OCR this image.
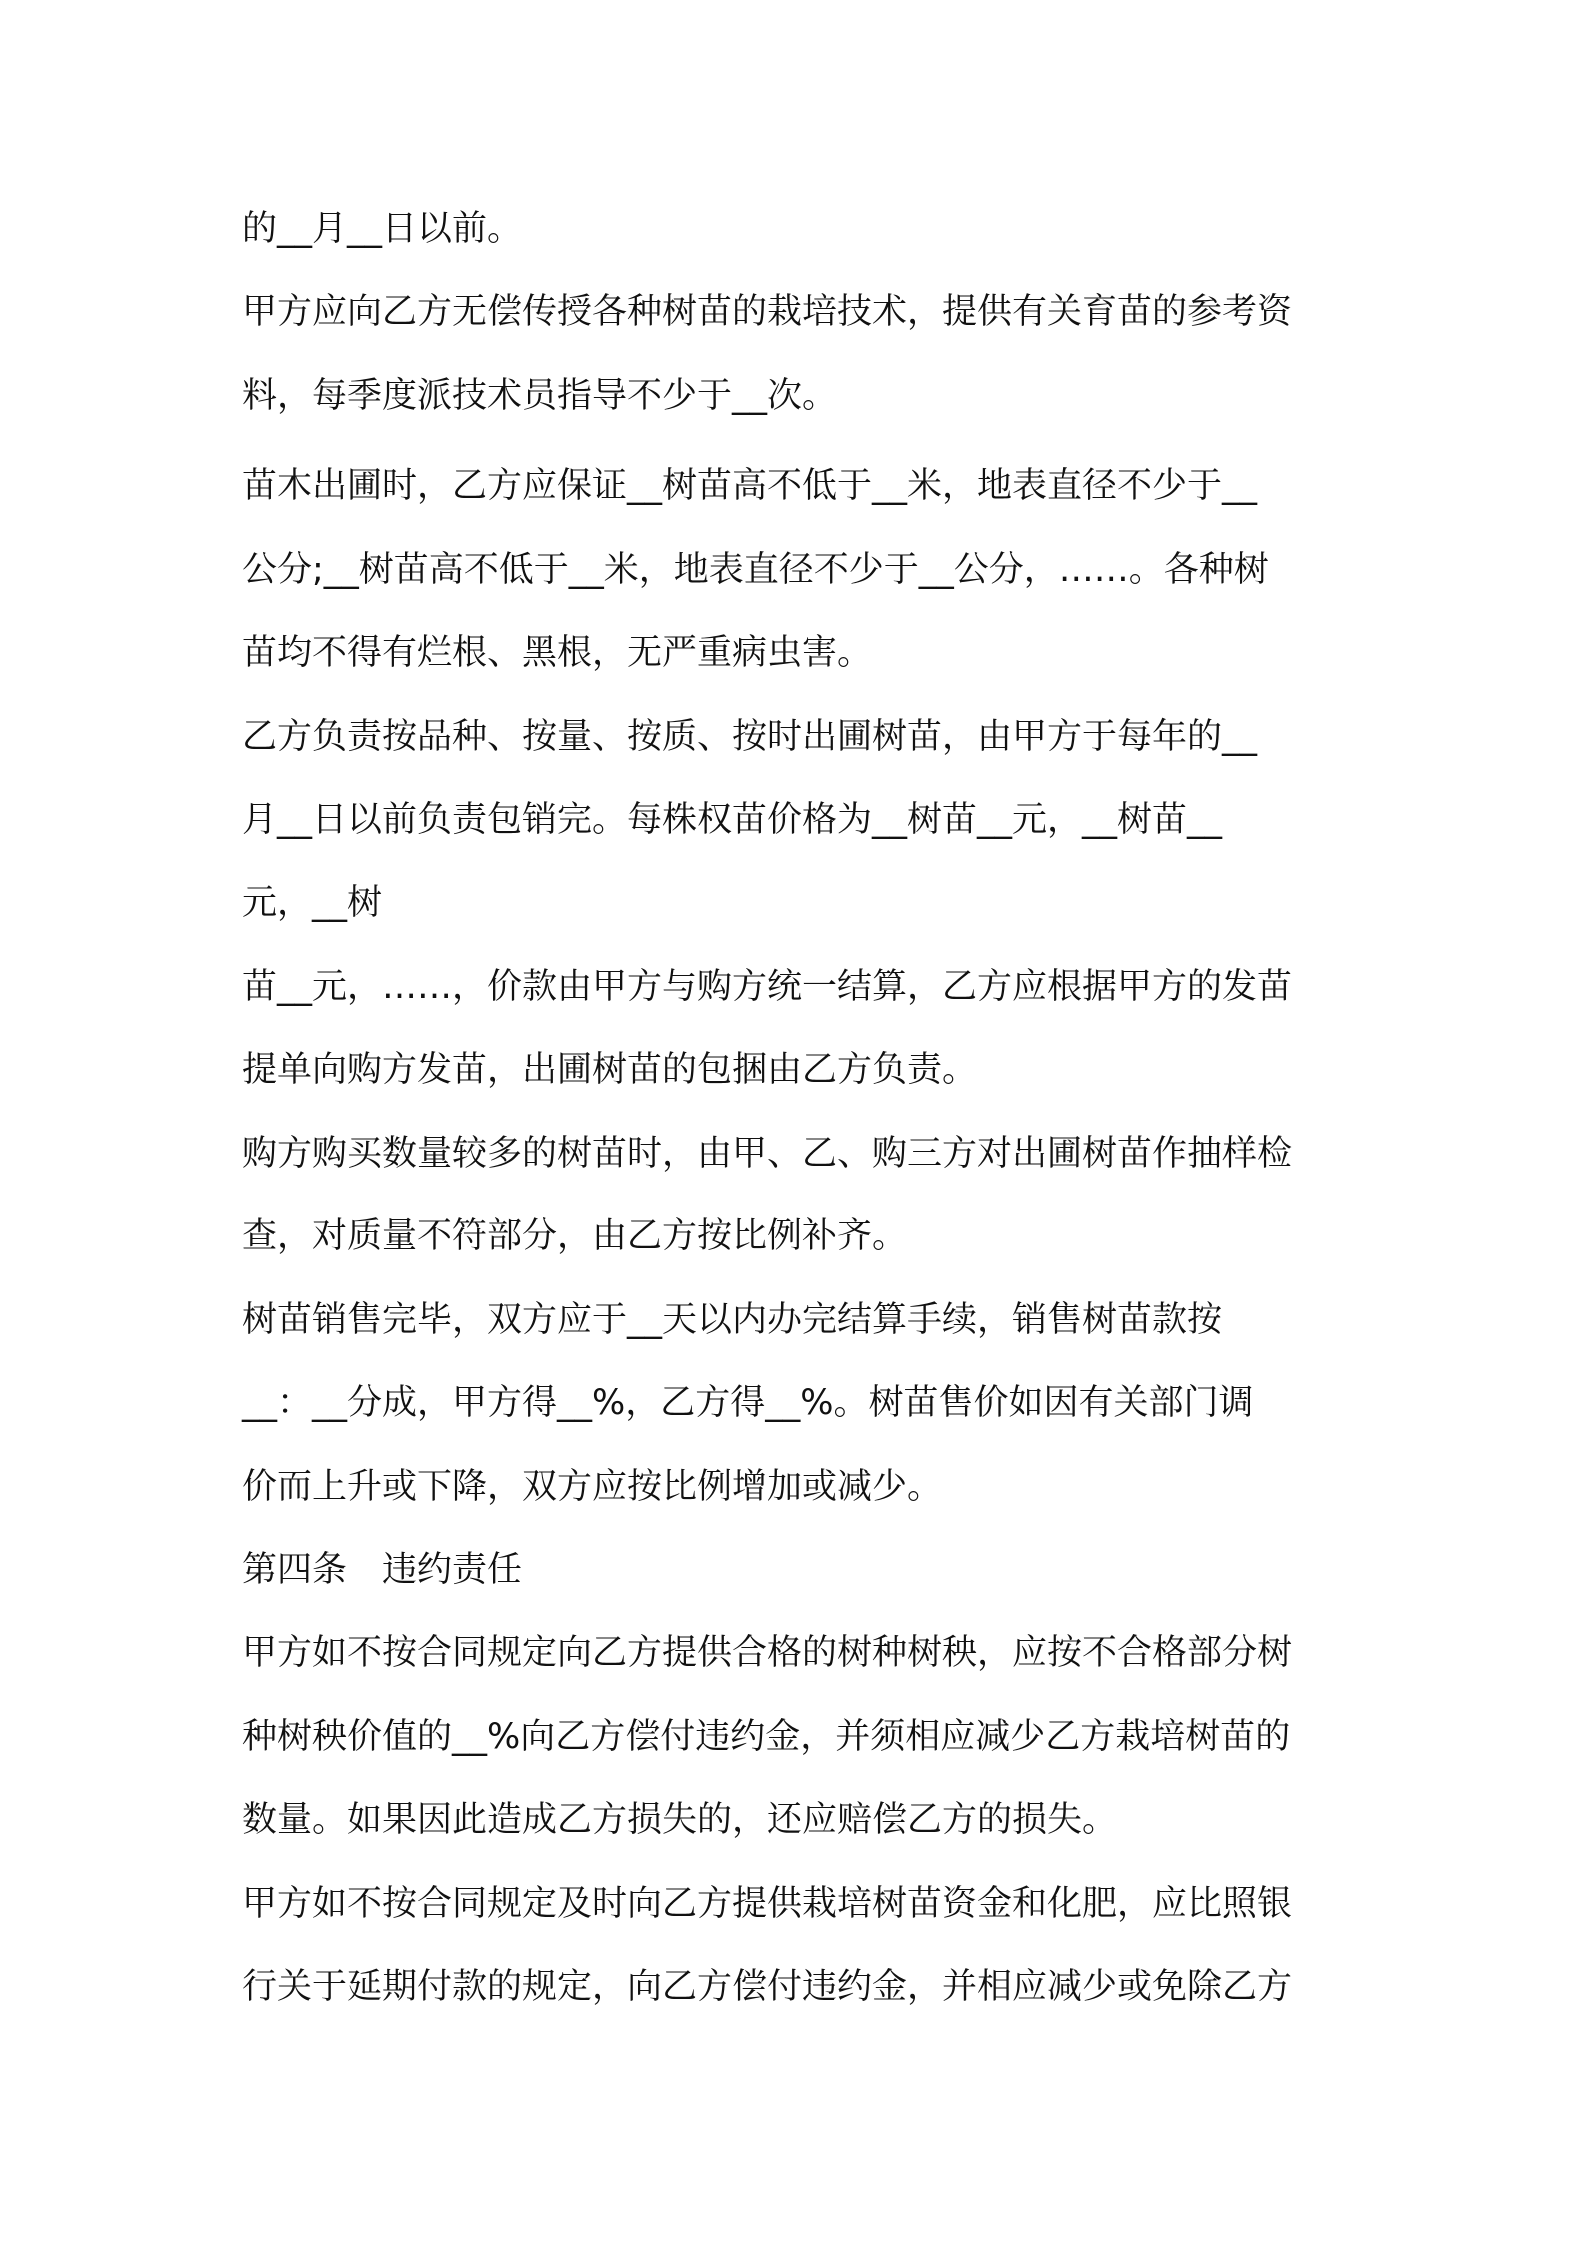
的__月__日以前。
甲方应向乙方无偿传授各种树苗的栽培技术，提供有关育苗的参考资
料，每季度派技术员指导不少于__次。
苗木出圃时，乙方应保证__树苗高不低于__米，地表直径不少于__
公分;__树苗高不低于__米，地表直径不少于__公分，……。各种树
苗均不得有烂根、黑根，无严重病虫害。
乙方负责按品种、按量、按质、按时出圃树苗，由甲方于每年的__
月__日以前负责包销完。每株权苗价格为__树苗__元，__树苗__
元，__树
苗__元，……，价款由甲方与购方统一结算，乙方应根据甲方的发苗
提单向购方发苗，出圃树苗的包捆由乙方负责。
购方购买数量较多的树苗时，由甲、乙、购三方对出圃树苗作抽样检
查，对质量不符部分，由乙方按比例补齐。
树苗销售完毕，双方应于__天以内办完结算手续，销售树苗款按
__：__分成，甲方得__%，乙方得__%。树苗售价如因有关部门调
价而上升或下降，双方应按比例增加或减少。
第四条　违约责任
甲方如不按合同规定向乙方提供合格的树种树秧，应按不合格部分树
种树秧价值的__%向乙方偿付违约金，并须相应减少乙方栽培树苗的
数量。如果因此造成乙方损失的，还应赔偿乙方的损失。
甲方如不按合同规定及时向乙方提供栽培树苗资金和化肥，应比照银
行关于延期付款的规定，向乙方偿付违约金，并相应减少或免除乙方
